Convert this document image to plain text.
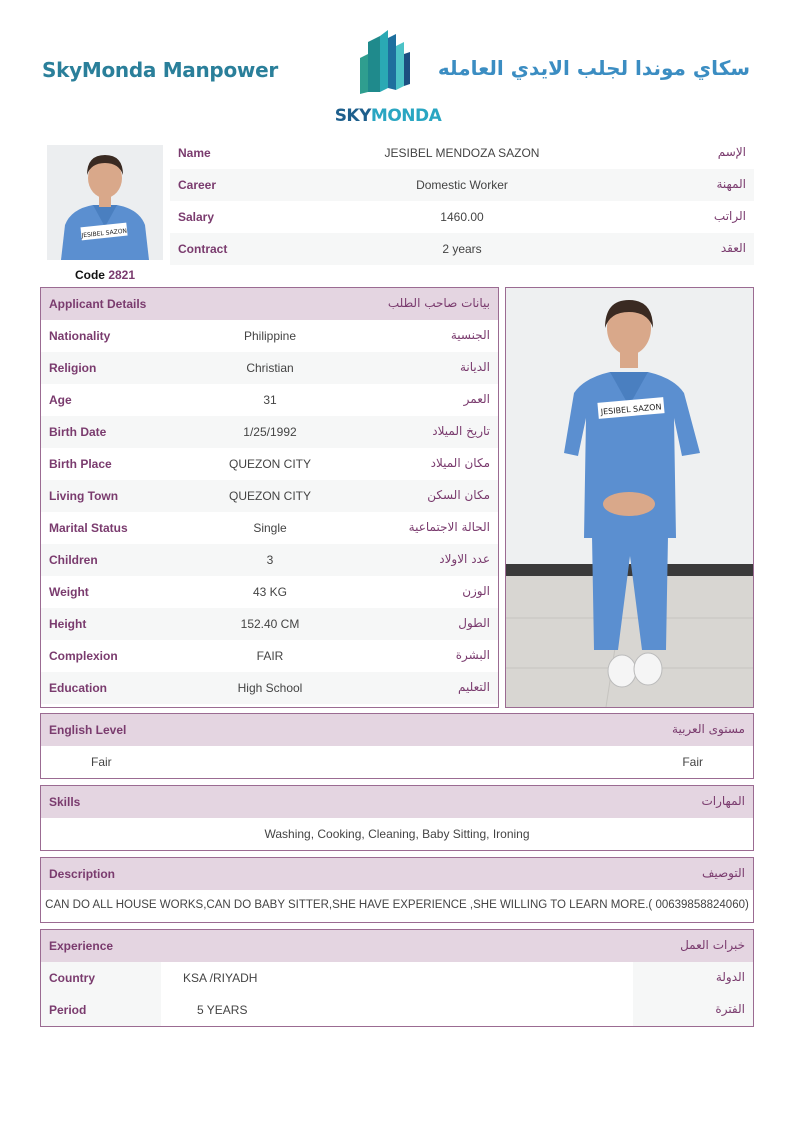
SkyMonda Manpower
SKYMONDA
سكاي موندا لجلب الايدي العامله
JESIBEL SAZON
Code 2821
Name	JESIBEL MENDOZA SAZON	الإسم
Career	Domestic Worker	المهنة
Salary	1460.00	الراتب
Contract	2 years	العقد
Applicant Details	بيانات صاحب الطلب
Nationality	Philippine	الجنسية
Religion	Christian	الديانة
Age	31	العمر
Birth Date	1/25/1992	تاريخ الميلاد
Birth Place	QUEZON CITY	مكان الميلاد
Living Town	QUEZON CITY	مكان السكن
Marital Status	Single	الحالة الاجتماعية
Children	3	عدد الاولاد
Weight	43 KG	الوزن
Height	152.40 CM	الطول
Complexion	FAIR	البشرة
Education	High School	التعليم
JESIBEL SAZON
English Level	مستوى العربية
Fair	Fair
Skills	المهارات
Washing, Cooking, Cleaning, Baby Sitting, Ironing
Description	التوصيف
CAN DO ALL HOUSE WORKS,CAN DO BABY SITTER,SHE HAVE EXPERIENCE ,SHE WILLING TO LEARN MORE.( 00639858824060)
Experience	خبرات العمل
Country	KSA /RIYADH	الدولة
Period	5 YEARS	الفترة
